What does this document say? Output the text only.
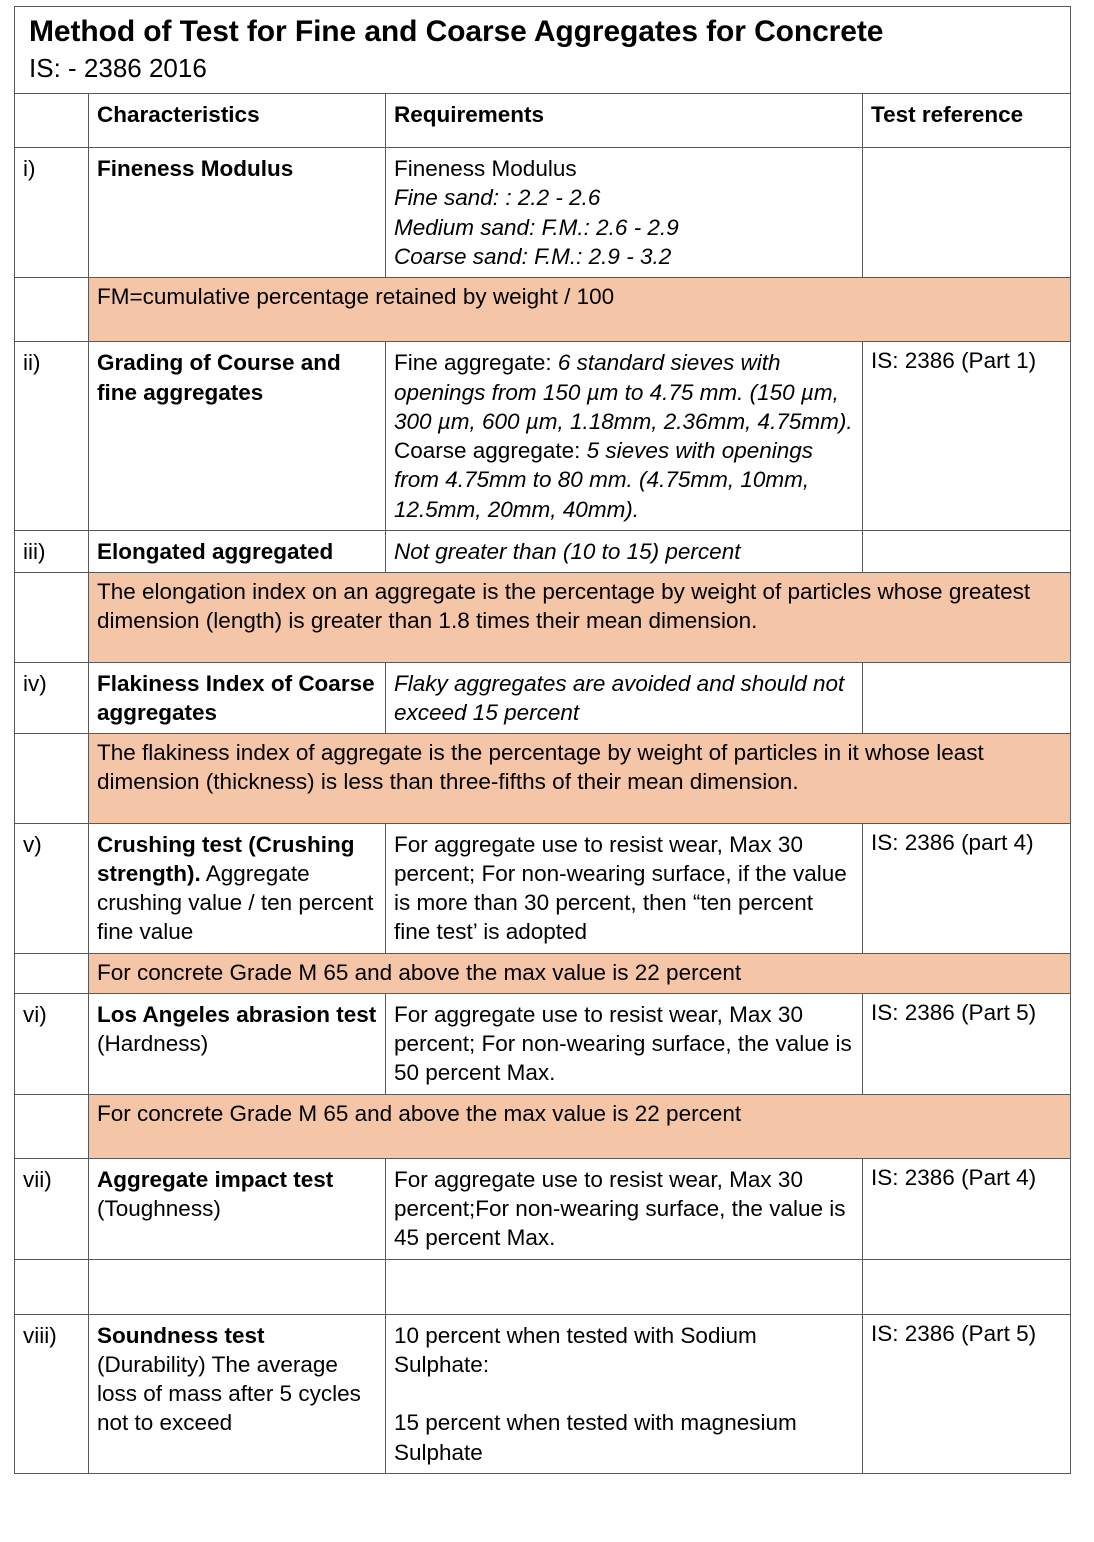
Method of Test for Fine and Coarse Aggregates for Concrete
IS: - 2386 2016			

	Characteristics	Requirements	Test reference
i)	Fineness Modulus	Fineness Modulus
Fine sand: : 2.2 - 2.6
Medium sand: F.M.: 2.6 - 2.9
Coarse sand: F.M.: 2.9 - 3.2	

	FM=cumulative percentage retained by weight / 100		
ii)	Grading of Course and fine aggregates	Fine aggregate: 6 standard sieves with openings from 150 µm to 4.75 mm. (150 µm, 300 µm, 600 µm, 1.18mm, 2.36mm, 4.75mm). Coarse aggregate: 5 sieves with openings from 4.75mm to 80 mm. (4.75mm, 10mm, 12.5mm, 20mm, 40mm).	IS: 2386 (Part 1)
iii)	Elongated aggregated	Not greater than (10 to 15) percent	
	The elongation index on an aggregate is the percentage by weight of particles whose greatest dimension (length) is greater than 1.8 times their mean dimension.		
iv)	Flakiness Index of Coarse aggregates	Flaky aggregates are avoided and should not exceed 15 percent	
	The flakiness index of aggregate is the percentage by weight of particles in it whose least dimension (thickness) is less than three-fifths of their mean dimension.		
v)	Crushing test (Crushing strength). Aggregate crushing value / ten percent fine value	For aggregate use to resist wear, Max 30 percent; For non-wearing surface, if the value is more than 30 percent, then “ten percent fine test’ is adopted	IS: 2386 (part 4)
	For concrete Grade M 65 and above the max value is 22 percent		
vi)	Los Angeles abrasion test (Hardness)	For aggregate use to resist wear, Max 30 percent; For non-wearing surface, the value is 50 percent Max.	IS: 2386 (Part 5)
	For concrete Grade M 65 and above the max value is 22 percent		
vii)	Aggregate impact test (Toughness)	For aggregate use to resist wear, Max 30 percent;For non-wearing surface, the value is 45 percent Max.	IS: 2386 (Part 4)

viii)	Soundness test (Durability) The average loss of mass after 5 cycles not to exceed	10 percent when tested with Sodium Sulphate:
15 percent when tested with magnesium Sulphate	IS: 2386 (Part 5)
